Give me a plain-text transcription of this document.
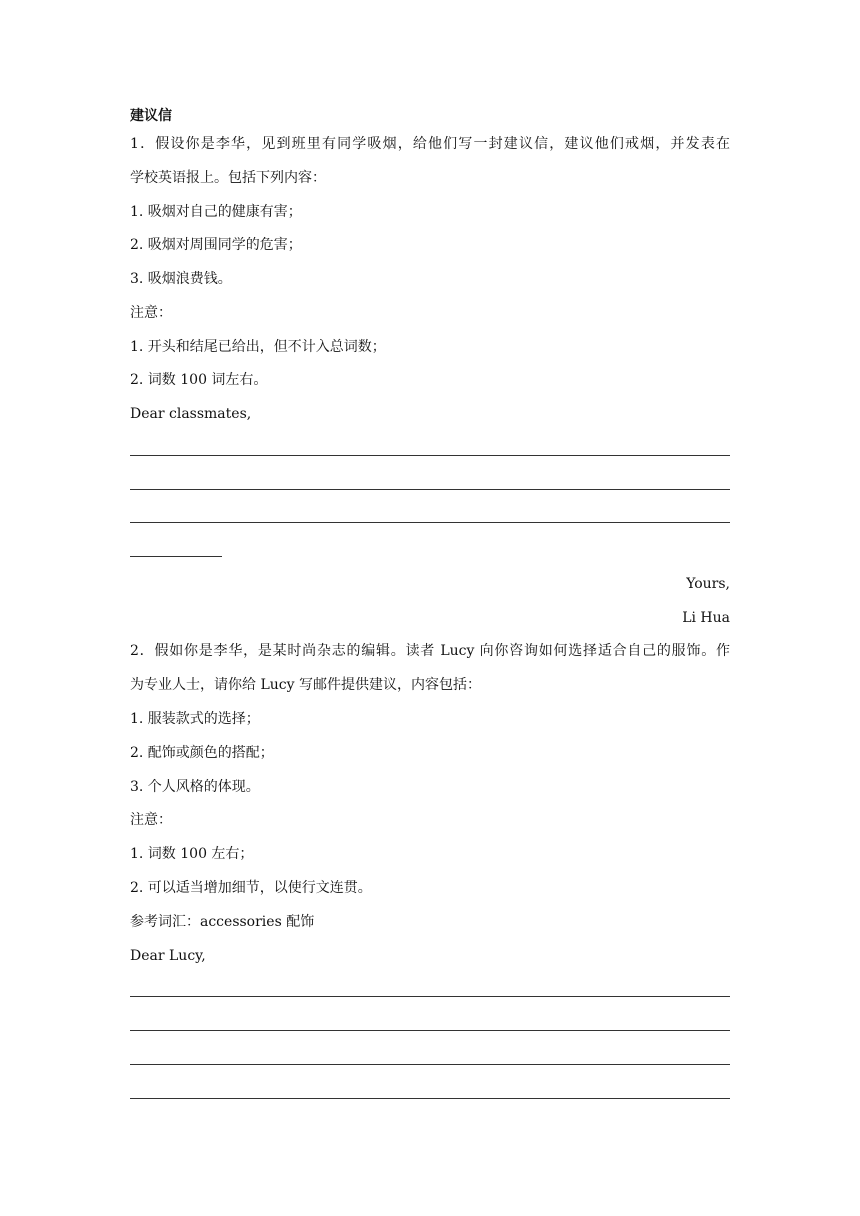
建议信
1．假设你是李华，见到班里有同学吸烟，给他们写一封建议信，建议他们戒烟，并发表在
学校英语报上。包括下列内容：
1. 吸烟对自己的健康有害；
2. 吸烟对周围同学的危害；
3. 吸烟浪费钱。
注意：
1. 开头和结尾已给出，但不计入总词数；
2. 词数 100 词左右。
Dear classmates,
Yours,
Li Hua
2．假如你是李华，是某时尚杂志的编辑。读者 Lucy 向你咨询如何选择适合自己的服饰。作
为专业人士，请你给 Lucy 写邮件提供建议，内容包括：
1. 服装款式的选择；
2. 配饰或颜色的搭配；
3. 个人风格的体现。
注意：
1. 词数 100 左右；
2. 可以适当增加细节，以使行文连贯。
参考词汇：accessories 配饰
Dear Lucy,
